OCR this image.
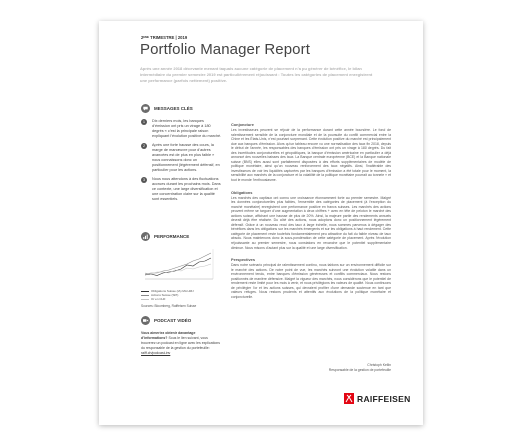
2ᴱᴹᴱ TRIMESTRE | 2019
Portfolio Manager Report

Après une année 2018 décevante menant taquais aucune catégorie de placement n’a pu générer de bénéfice, le bilan intermédiaire du premier semestre 2019 est particulièrement réjouissant : Toutes les catégories de placement enregistrent une performance (parfois nettement) positive.

MESSAGES CLÉS
1	Dix derniers mois, les banques d’émission ont pris un virage à 180 degrés « c’est la principale raison expliquant l’évolution positive du marché.
2	Après une forte hausse des cours, la marge de manœuvre pour d’autres avancées est de plus en plus faible » nous connaissons donc un positionnement (légèrement défensif, en particulier pour les actions.
3	Nous nous attendons à des fluctuations accrues durant les prochains mois. Dans ce contexte, une large diversification et une concentration claire sur la qualité sont essentiels.
PERFORMANCE
Obligations Suisse (IA) MA HMJ
Actions Suisse (SPI)
Or en CHF
Sources: Bloomberg, Raiffeisen Suisse
PODCAST VIDÉO
Vous aimeriez obtenir davantage d’informations? Sous le lien suivant, vous trouverez un podcast en ligne avec les explications du responsable de la gestion du portefeuille: raiff.ch/podcast-inv
Conjoncture

Les investisseurs peuvent se réjouir de la performance durant cette année boursière. Le fond de ralentissement sensible de la conjoncture mondiale et de la poursuite du conflit commercial entre la Chine et les États-Unis, n’est pourtant surprenant. Cette évolution positive du marché est principalement due aux banques d’émission. Alors qu’un tableau encore vu une normalisation des taux fin 2018, depuis le début de l’année, les responsables des banques d’émission ont pris un virage à 180 degrés. Du fait des incertitudes conjoncturelles et géopolitiques, la banque d’émission américaine en particulier a déjà annoncé des nouvelles baisses des taux. La Banque centrale européenne (BCE) et la Banque nationale suisse (BNS) elles aussi sont parfaitement disposées à des efforts supplémentaires de modèle de politique monétaire, ainsi qu’un nouveau renforcement des taux négatifs. Ainsi, l’inaltérable des investisseurs de voir les liquidités capturées par les banques d’émission a été totale pour le moment, la sensibilité aux marchés de la conjoncture et la volatilité de la politique monétaire pourrait au tonnele « et tout le monde l’enthousiasme.

Obligations

Les marchés des capitaux ont connu une croissance étonnamment forte au premier semestre. Malgré les données conjoncturelles plus faibles, l’ensemble des catégories de placement (à l’exception du marché monétaire) enregistrent une performance positive en francs suisses. Les marchés des actions peuvent même se targuer d’une augmentation à deux chiffres + avec en tête de peloton le marché des actions suisse, affichant une hausse de plus de 20%. Ainsi, la majeure partie des rendements annuels devrait déjà être réalisée. Du côté des actions, nous adoptons donc un positionnement légèrement défensif. Grâce à un nouveau recul des taux à large échelle, nous sommes parvenus à dégager des bénéfices dans les obligations sur les marchés émergents et sur les obligations à haut rendement. Cette catégorie de placement reste toutefois fondamentalement peu attractive du fait du faible niveau de taux absolu. Nous maintenons donc la sous-pondération de cette catégorie de placement. Après l’évolution réjouissante au premier semestre, nous constatons en revanche que le potentiel supplémentaire diminue. Nous misons d’autant plus sur la qualité et une large diversification.

Perspectives

Dans notre scénario principal de ralentissement continu, nous tablons sur un environnement difficile sur le marché des actions. De notre point de vue, les marchés suivront une évolution volatile dans un environnement tendu, entre banques d’émission généreuses et conflits commerciaux. Nous restons positionnés de manière défensive. Malgré la vigueur des marchés, nous considérons que le potentiel de rendement reste limité pour les mois à venir, et nous privilégions les valeurs de qualité. Nous continuons de privilégier l’or et les actions suisses, qui devraient profiter d’une demande soutenue en tant que valeurs refuges. Nous restons prudents et attentifs aux évolutions de la politique monétaire et conjoncturelle.

Christoph Kellin
Responsable de la gestion de portefeuille
RAIFFEISEN
